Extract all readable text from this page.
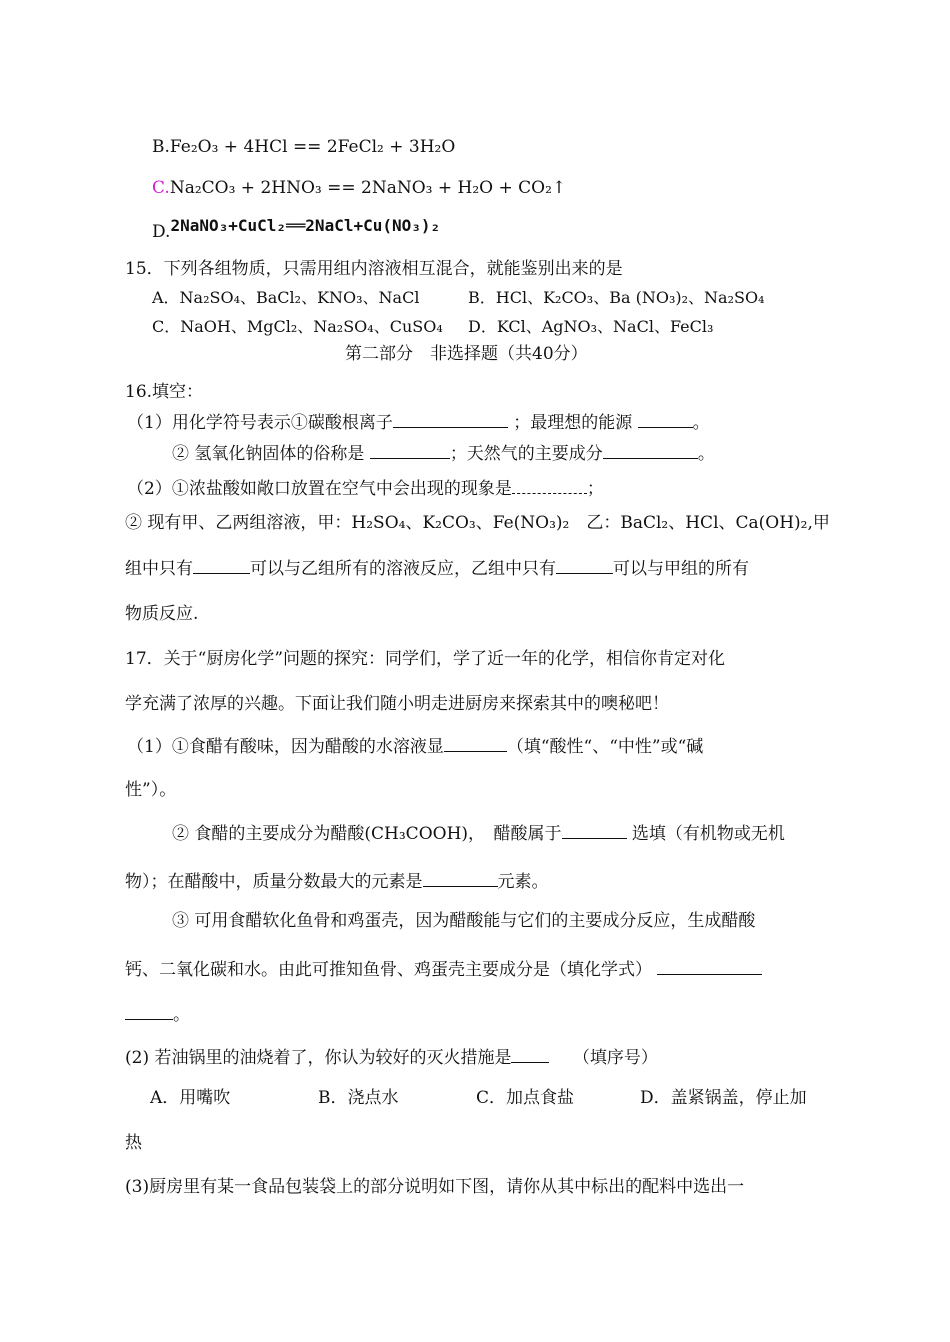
B.Fe₂O₃ + 4HCl == 2FeCl₂ + 3H₂O
C.Na₂CO₃ + 2HNO₃ == 2NaNO₃ + H₂O + CO₂↑
D.2NaNO₃+CuCl₂══2NaCl+Cu(NO₃)₂
15．下列各组物质，只需用组内溶液相互混合，就能鉴别出来的是
A．Na₂SO₄、BaCl₂、KNO₃、NaCl	B．HCl、K₂CO₃、Ba (NO₃)₂、Na₂SO₄
C．NaOH、MgCl₂、Na₂SO₄、CuSO₄ D．KCl、AgNO₃、NaCl、FeCl₃
第二部分　非选择题（共40分）
16.填空：
（1）用化学符号表示①碳酸根离子	；最理想的能源	。
② 氢氧化钠固体的俗称是	；天然气的主要成分	。
（2）①浓盐酸如敞口放置在空气中会出现的现象是	；
② 现有甲、乙两组溶液，甲：H₂SO₄、K₂CO₃、Fe(NO₃)₂　乙：BaCl₂、HCl、Ca(OH)₂,甲
组中只有	可以与乙组所有的溶液反应，乙组中只有	可以与甲组的所有
物质反应.
17．关于“厨房化学”问题的探究：同学们，学了近一年的化学，相信你肯定对化
学充满了浓厚的兴趣。下面让我们随小明走进厨房来探索其中的噢秘吧！
（1）①食醋有酸味，因为醋酸的水溶液显	（填“酸性“、“中性”或“碱
性”）。
② 食醋的主要成分为醋酸(CH₃COOH)，　醋酸属于	选填（有机物或无机
物）；在醋酸中，质量分数最大的元素是	元素。
③ 可用食醋软化鱼骨和鸡蛋壳，因为醋酸能与它们的主要成分反应，生成醋酸
钙、二氧化碳和水。由此可推知鱼骨、鸡蛋壳主要成分是（填化学式）
。
(2) 若油锅里的油烧着了，你认为较好的灭火措施是	（填序号）
A．用嘴吹	B．浇点水	C．加点食盐	D．盖紧锅盖，停止加
热
(3)厨房里有某一食品包装袋上的部分说明如下图，请你从其中标出的配料中选出一
